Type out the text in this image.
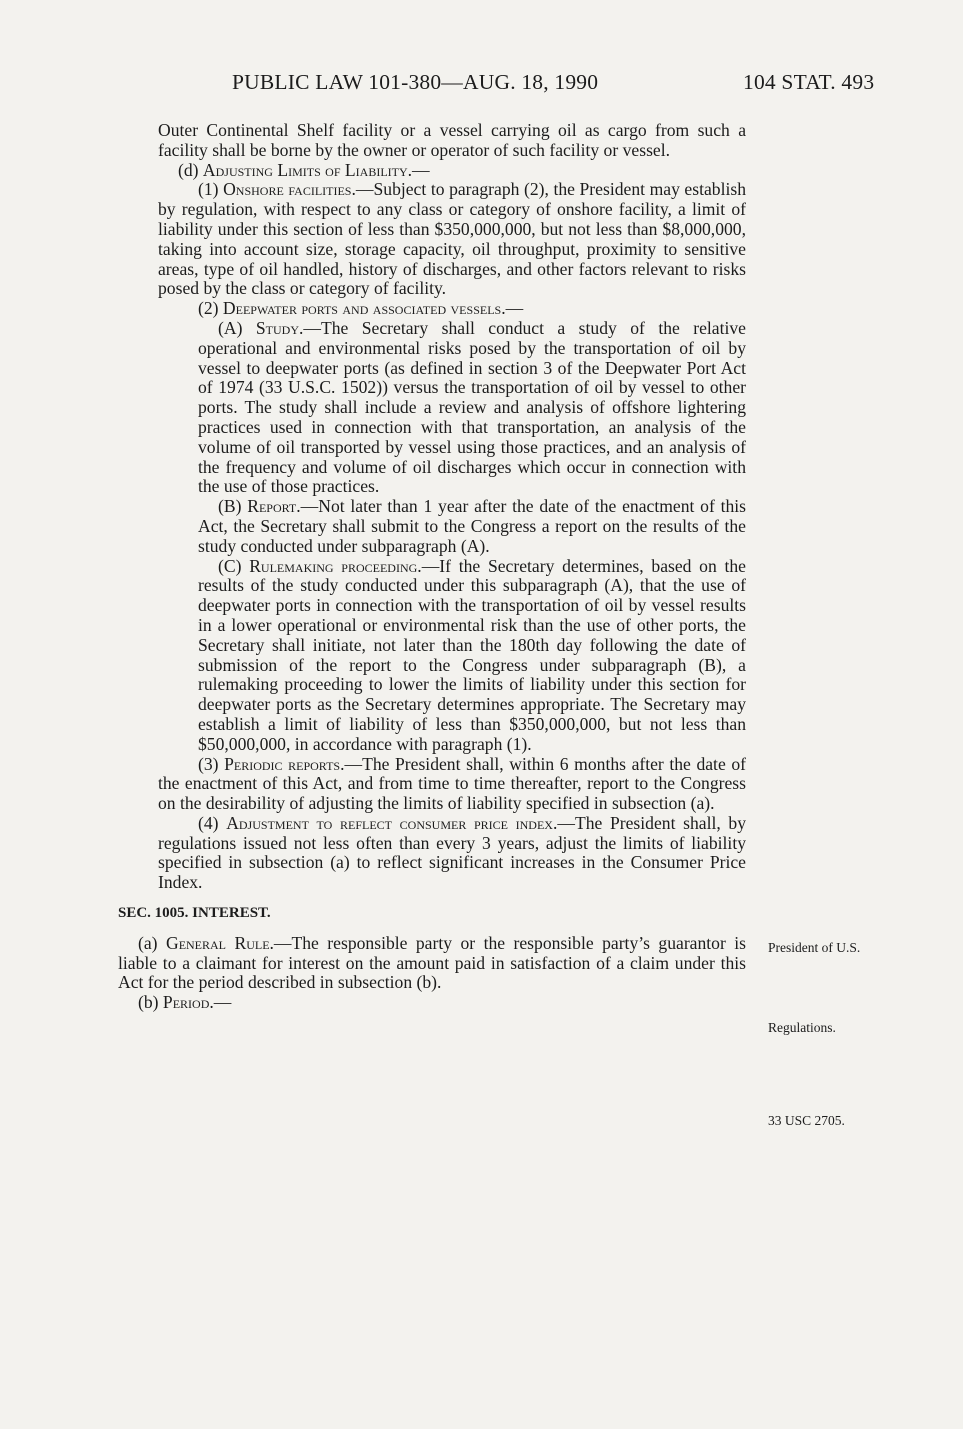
PUBLIC LAW 101-380—AUG. 18, 1990	104 STAT. 493

Outer Continental Shelf facility or a vessel carrying oil as cargo from such a facility shall be borne by the owner or operator of such facility or vessel.

(d) Adjusting Limits of Liability.—

(1) Onshore facilities.—Subject to paragraph (2), the President may establish by regulation, with respect to any class or category of onshore facility, a limit of liability under this section of less than $350,000,000, but not less than $8,000,000, taking into account size, storage capacity, oil throughput, proximity to sensitive areas, type of oil handled, history of discharges, and other factors relevant to risks posed by the class or category of facility.

(2) Deepwater ports and associated vessels.—

(A) Study.—The Secretary shall conduct a study of the relative operational and environmental risks posed by the transportation of oil by vessel to deepwater ports (as defined in section 3 of the Deepwater Port Act of 1974 (33 U.S.C. 1502)) versus the transportation of oil by vessel to other ports. The study shall include a review and analysis of offshore lightering practices used in connection with that transportation, an analysis of the volume of oil transported by vessel using those practices, and an analysis of the frequency and volume of oil discharges which occur in connection with the use of those practices.

(B) Report.—Not later than 1 year after the date of the enactment of this Act, the Secretary shall submit to the Congress a report on the results of the study conducted under subparagraph (A).

(C) Rulemaking proceeding.—If the Secretary determines, based on the results of the study conducted under this subparagraph (A), that the use of deepwater ports in connection with the transportation of oil by vessel results in a lower operational or environmental risk than the use of other ports, the Secretary shall initiate, not later than the 180th day following the date of submission of the report to the Congress under subparagraph (B), a rulemaking proceeding to lower the limits of liability under this section for deepwater ports as the Secretary determines appropriate. The Secretary may establish a limit of liability of less than $350,000,000, but not less than $50,000,000, in accordance with paragraph (1).

(3) Periodic reports.—The President shall, within 6 months after the date of the enactment of this Act, and from time to time thereafter, report to the Congress on the desirability of adjusting the limits of liability specified in subsection (a).

(4) Adjustment to reflect consumer price index.—The President shall, by regulations issued not less often than every 3 years, adjust the limits of liability specified in subsection (a) to reflect significant increases in the Consumer Price Index.

SEC. 1005. INTEREST.

(a) General Rule.—The responsible party or the responsible party’s guarantor is liable to a claimant for interest on the amount paid in satisfaction of a claim under this Act for the period described in subsection (b).

(b) Period.—

President of U.S.
Regulations.
33 USC 2705.
